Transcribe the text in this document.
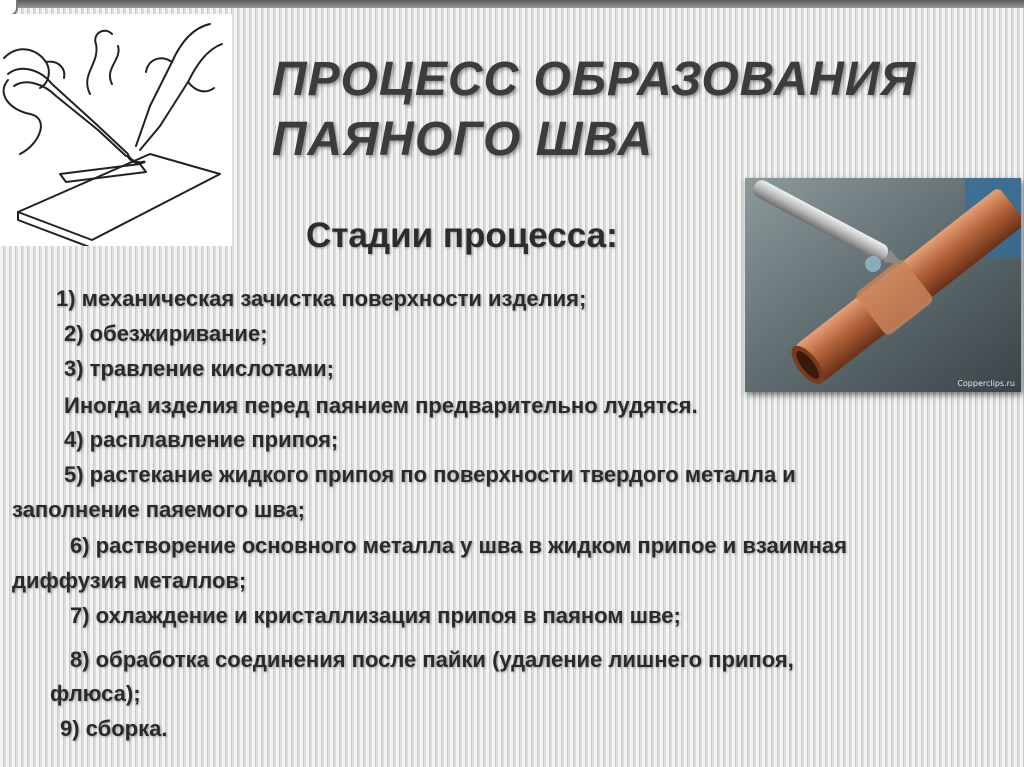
ПРОЦЕСС ОБРАЗОВАНИЯ
ПАЯНОГО ШВА
Стадии процесса:
Copperclips.ru

1) механическая зачистка поверхности изделия;

2) обезжиривание;

3) травление кислотами;

Иногда изделия перед паянием предварительно лудятся.

4) расплавление припоя;

5) растекание жидкого припоя по поверхности твердого металла и

заполнение паяемого шва;

6) растворение основного металла у шва в жидком припое и взаимная

диффузия металлов;

7) охлаждение и кристаллизация припоя в паяном шве;

8) обработка соединения после пайки (удаление лишнего припоя,

флюса);

9) сборка.
